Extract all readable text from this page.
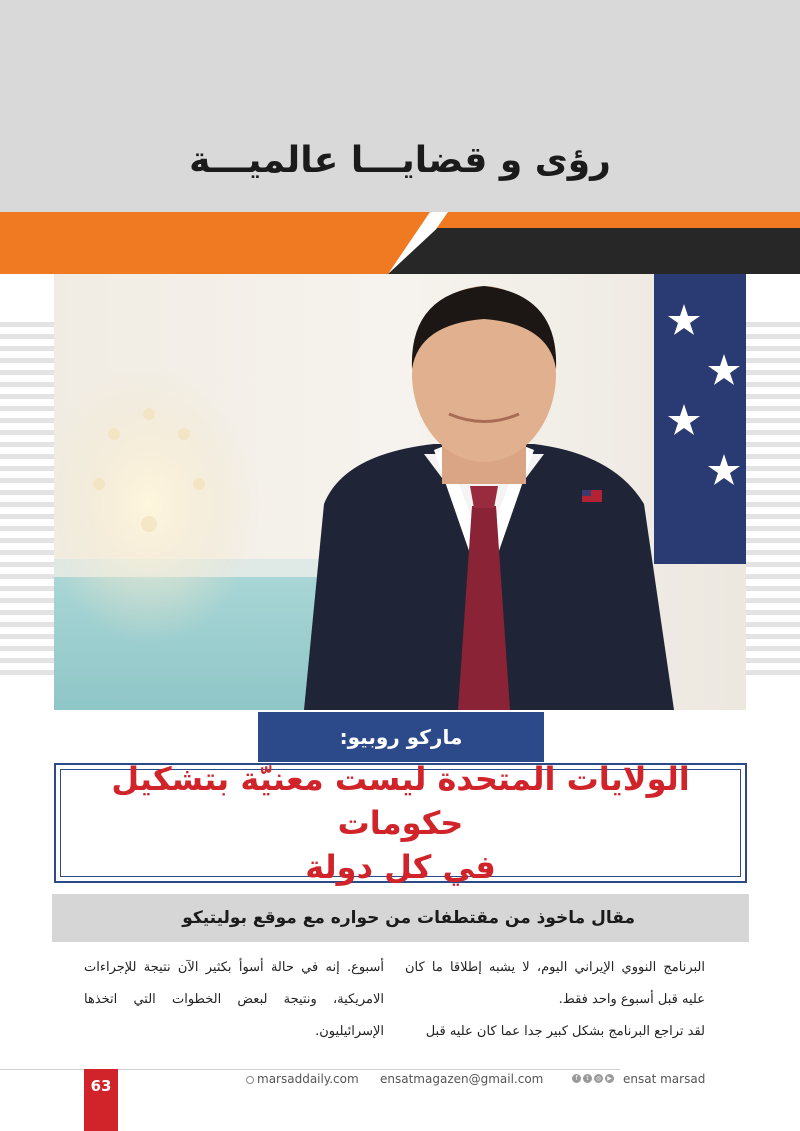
رؤى و قضايـــا عالميـــة
ماركو روبيو:
الولايات المتحدة ليست معنيّة بتشكيل حكومات
في كل دولة
مقال ماخوذ من مقتطفات من حواره مع موقع بوليتيكو

البرنامج النووي الإيراني اليوم، لا يشبه إطلاقا ما كان عليه قبل أسبوع واحد فقط.

لقد تراجع البرنامج بشكل كبير جدا عما كان عليه قبل

أسبوع. إنه في حالة أسوأ بكثير الآن نتيجة للإجراءات الامريكية، ونتيجة لبعض الخطوات التي اتخذها الإسرائيليون.

63	marsaddaily.com ensatmagazen@gmail.com	f	t	◎	▶ ensat marsad
